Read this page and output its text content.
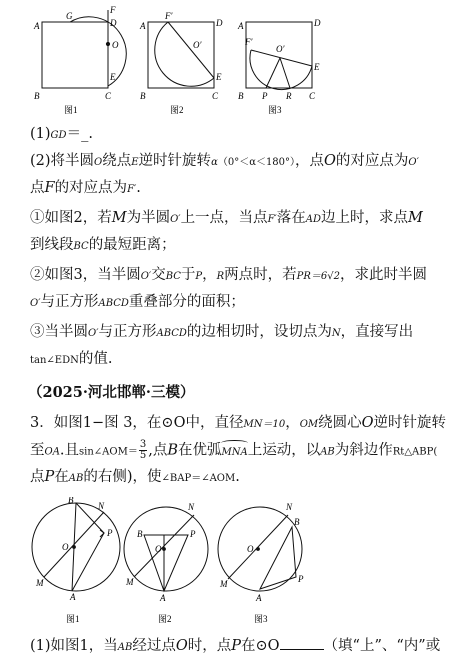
A
G
F
D
O
E
B	C
图1
A
F′
D
O′
E
B	C
图2
A	D
F′
O′
E
B P R C
图3
(1)GD＝_.
(2)将半圆O绕点E逆时针旋转α（0°＜α＜180°），点O的对应点为O′
点F的对应点为F′.
①如图2，若M为半圆O′上一点，当点F′落在AD边上时，求点M
到线段BC的最短距离；
②如图3，当半圆O′交BC于P，R两点时，若PR＝6√2，求此时半圆
O′与正方形ABCD重叠部分的面积；
③当半圆O′与正方形ABCD的边相切时，设切点为N，直接写出
tan∠EDN的值.
（2025·河北邯郸·三模）
3．如图1−图 3，在⊙O中，直径MN＝10，OM绕圆心O逆时针旋转
至OA.且sin∠AOM＝ $\frac{3}{5}$ ,点B在优弧MNA上运动，以AB为斜边作Rt△ABP(
点P在AB的右侧)，使∠BAP＝∠AOM.
B
N
P
O
M
A
图1
B
N
P
O
M
A
图2
B
N
P
O
M
A
图3
(1)如图1，当AB经过点O时，点P在⊙O	（填“上”、“内”或
